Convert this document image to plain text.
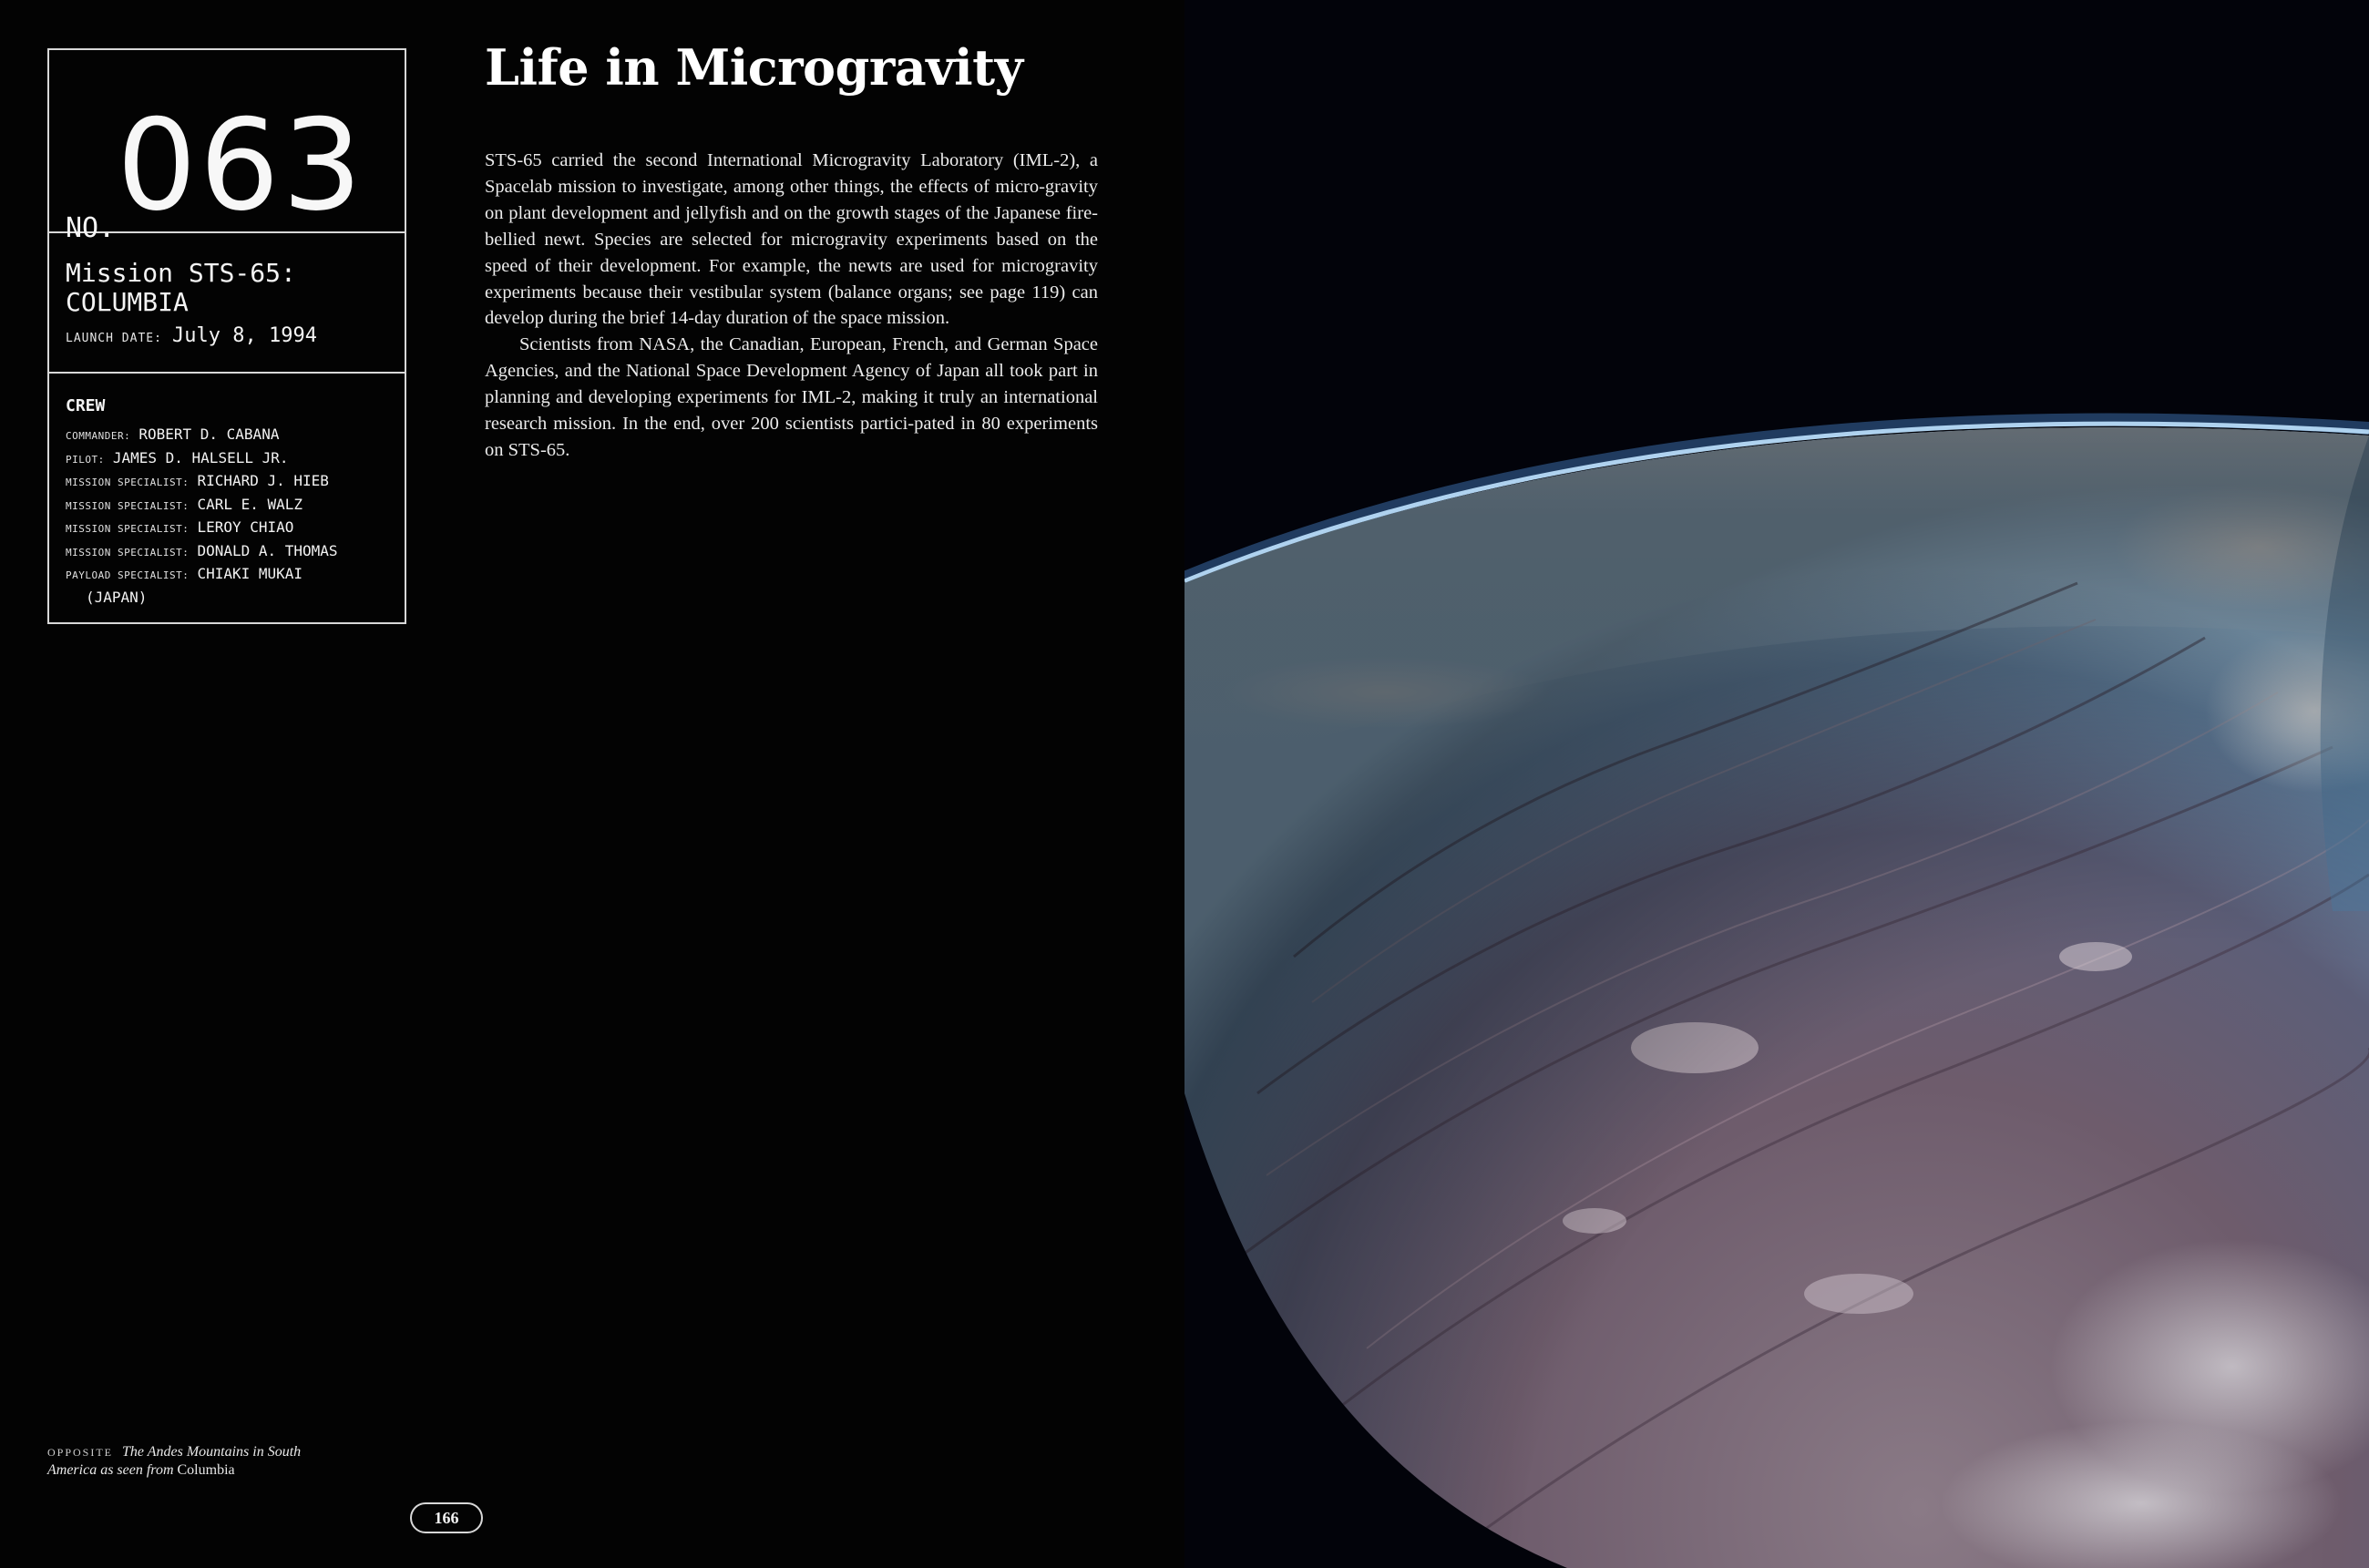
NO. 063
Mission STS-65: COLUMBIA
LAUNCH DATE: July 8, 1994
CREW
COMMANDER: ROBERT D. CABANA
PILOT: JAMES D. HALSELL JR.
MISSION SPECIALIST: RICHARD J. HIEB
MISSION SPECIALIST: CARL E. WALZ
MISSION SPECIALIST: LEROY CHIAO
MISSION SPECIALIST: DONALD A. THOMAS
PAYLOAD SPECIALIST: CHIAKI MUKAI
(JAPAN)
Life in Microgravity

STS-65 carried the second International Microgravity Laboratory (IML-2), a Spacelab mission to investigate, among other things, the effects of micro-gravity on plant development and jellyfish and on the growth stages of the Japanese fire-bellied newt. Species are selected for microgravity experiments based on the speed of their development. For example, the newts are used for microgravity experiments because their vestibular system (balance organs; see page 119) can develop during the brief 14-day duration of the space mission.

Scientists from NASA, the Canadian, European, French, and German Space Agencies, and the National Space Development Agency of Japan all took part in planning and developing experiments for IML-2, making it truly an international research mission. In the end, over 200 scientists partici-pated in 80 experiments on STS-65.

OPPOSITE The Andes Mountains in South America as seen from Columbia
166
